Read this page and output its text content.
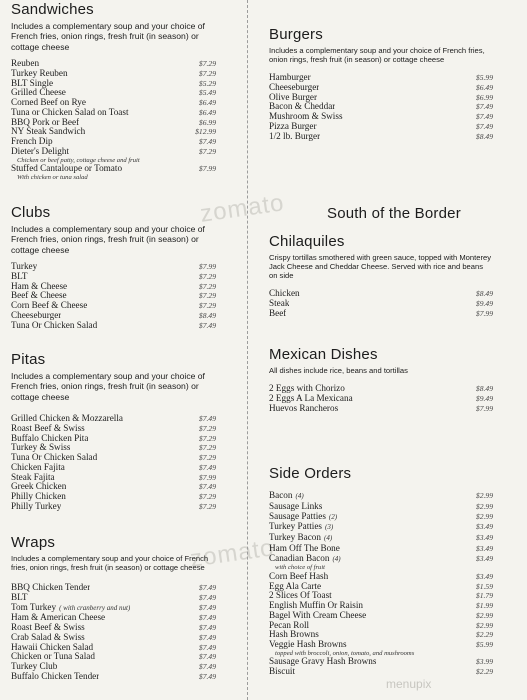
zomato
zomato
menupix
Sandwiches

Includes a complementary soup and your choice of French fries, onion rings, fresh fruit (in season) or cottage cheese

Reuben	$7.29
Turkey Reuben	$7.29
BLT Single	$5.29
Grilled Cheese	$5.49
Corned Beef on Rye	$6.49
Tuna or Chicken Salad on Toast	$6.49
BBQ Pork or Beef	$6.99
NY Steak Sandwich	$12.99
French Dip	$7.49
Dieter's Delight	$7.29
Chicken or beef patty, cottage cheese and fruit
Stuffed Cantaloupe or Tomato	$7.99
With chicken or tuna salad
Clubs

Includes a complementary soup and your choice of French fries, onion rings, fresh fruit (in season) or cottage cheese

Turkey	$7.99
BLT	$7.29
Ham & Cheese	$7.29
Beef & Cheese	$7.29
Corn Beef & Cheese	$7.29
Cheeseburger	$8.49
Tuna Or Chicken Salad	$7.49
Pitas

Includes a complementary soup and your choice of French fries, onion rings, fresh fruit (in season) or cottage cheese

Grilled Chicken & Mozzarella	$7.49
Roast Beef & Swiss	$7.29
Buffalo Chicken Pita	$7.29
Turkey & Swiss	$7.29
Tuna Or Chicken Salad	$7.29
Chicken Fajita	$7.49
Steak Fajita	$7.99
Greek Chicken	$7.49
Philly Chicken	$7.29
Philly Turkey	$7.29
Wraps

Includes a complementary soup and your choice of French fries, onion rings, fresh fruit (in season) or cottage cheese

BBQ Chicken Tender	$7.49
BLT	$7.49
Tom Turkey ( with cranberry and nut)	$7.49
Ham & American Cheese	$7.49
Roast Beef & Swiss	$7.49
Crab Salad & Swiss	$7.49
Hawaii Chicken Salad	$7.49
Chicken or Tuna Salad	$7.49
Turkey Club	$7.49
Buffalo Chicken Tender	$7.49
Burgers

Includes a complementary soup and your choice of French fries, onion rings, fresh fruit (in season) or cottage cheese

Hamburger	$5.99
Cheeseburger	$6.49
Olive Burger	$6.99
Bacon & Cheddar	$7.49
Mushroom & Swiss	$7.49
Pizza Burger	$7.49
1/2 lb. Burger	$8.49
Chilaquiles

Crispy tortillas smothered with green sauce, topped with Monterey Jack Cheese and Cheddar Cheese. Served with rice and beans on side

Chicken	$8.49
Steak	$9.49
Beef	$7.99
Mexican Dishes

All dishes include rice, beans and tortillas

2 Eggs with Chorizo	$8.49
2 Eggs A La Mexicana	$9.49
Huevos Rancheros	$7.99
Side Orders
Bacon (4)	$2.99
Sausage Links	$2.99
Sausage Patties (2)	$2.99
Turkey Patties (3)	$3.49
Turkey Bacon (4)	$3.49
Ham Off The Bone	$3.49
Canadian Bacon (4)	$3.49
with choice of fruit
Corn Beef Hash	$3.49
Egg Ala Carte	$1.59
2 Slices Of Toast	$1.79
English Muffin Or Raisin	$1.99
Bagel With Cream Cheese	$2.99
Pecan Roll	$2.99
Hash Browns	$2.29
Veggie Hash Browns	$5.99
topped with broccoli, onion, tomato, and mushrooms
Sausage Gravy Hash Browns	$3.99
Biscuit	$2.29
South of the Border
